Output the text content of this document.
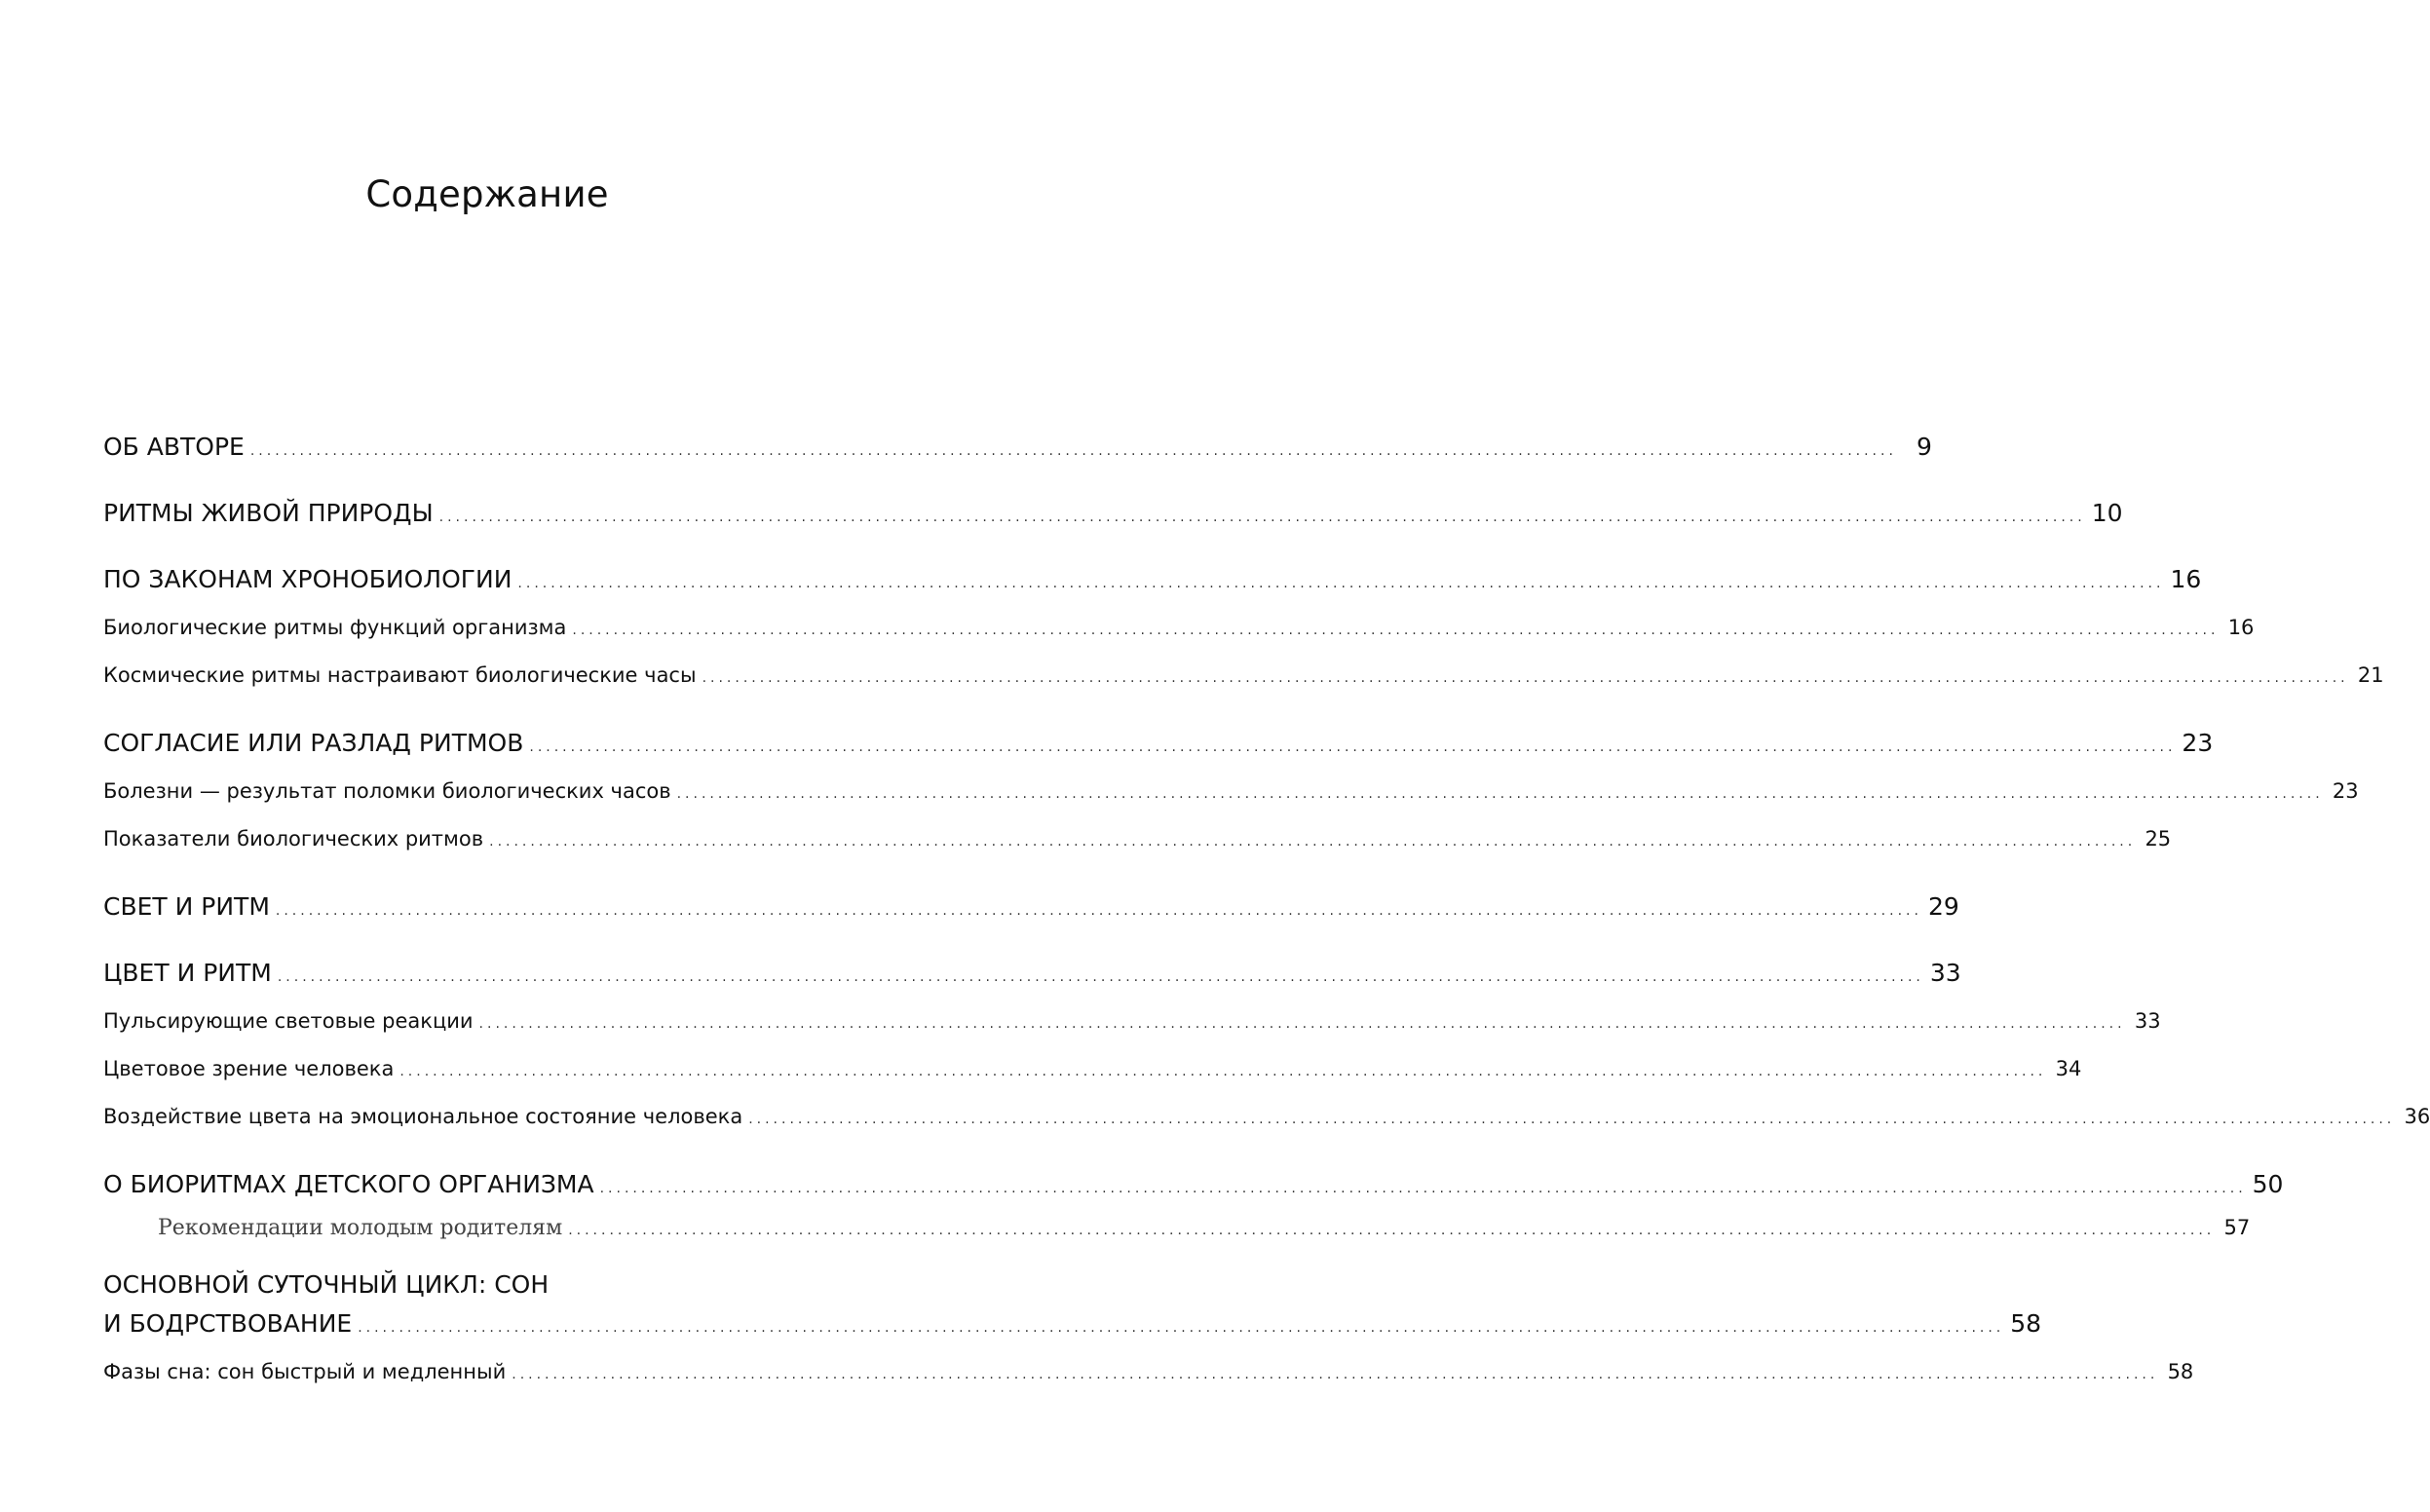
Содержание
ОБ АВТОРЕ ........................................................................................................................................................................................................ 9
РИТМЫ ЖИВОЙ ПРИРОДЫ ........................................................................................................................................................................................................ 10
ПО ЗАКОНАМ ХРОНОБИОЛОГИИ ........................................................................................................................................................................................................ 16
Биологические ритмы функций организма ........................................................................................................................................................................................................ 16
Космические ритмы настраивают биологические часы ........................................................................................................................................................................................................ 21
СОГЛАСИЕ ИЛИ РАЗЛАД РИТМОВ ........................................................................................................................................................................................................ 23
Болезни — результат поломки биологических часов ........................................................................................................................................................................................................ 23
Показатели биологических ритмов ........................................................................................................................................................................................................ 25
СВЕТ И РИТМ ........................................................................................................................................................................................................ 29
ЦВЕТ И РИТМ ........................................................................................................................................................................................................ 33
Пульсирующие световые реакции ........................................................................................................................................................................................................ 33
Цветовое зрение человека ........................................................................................................................................................................................................ 34
Воздействие цвета на эмоциональное состояние человека ........................................................................................................................................................................................................ 36
О БИОРИТМАХ ДЕТСКОГО ОРГАНИЗМА ........................................................................................................................................................................................................ 50
Рекомендации молодым родителям ........................................................................................................................................................................................................ 57
ОСНОВНОЙ СУТОЧНЫЙ ЦИКЛ: СОН
И БОДРСТВОВАНИЕ ........................................................................................................................................................................................................ 58
Фазы сна: сон быстрый и медленный ........................................................................................................................................................................................................ 58
